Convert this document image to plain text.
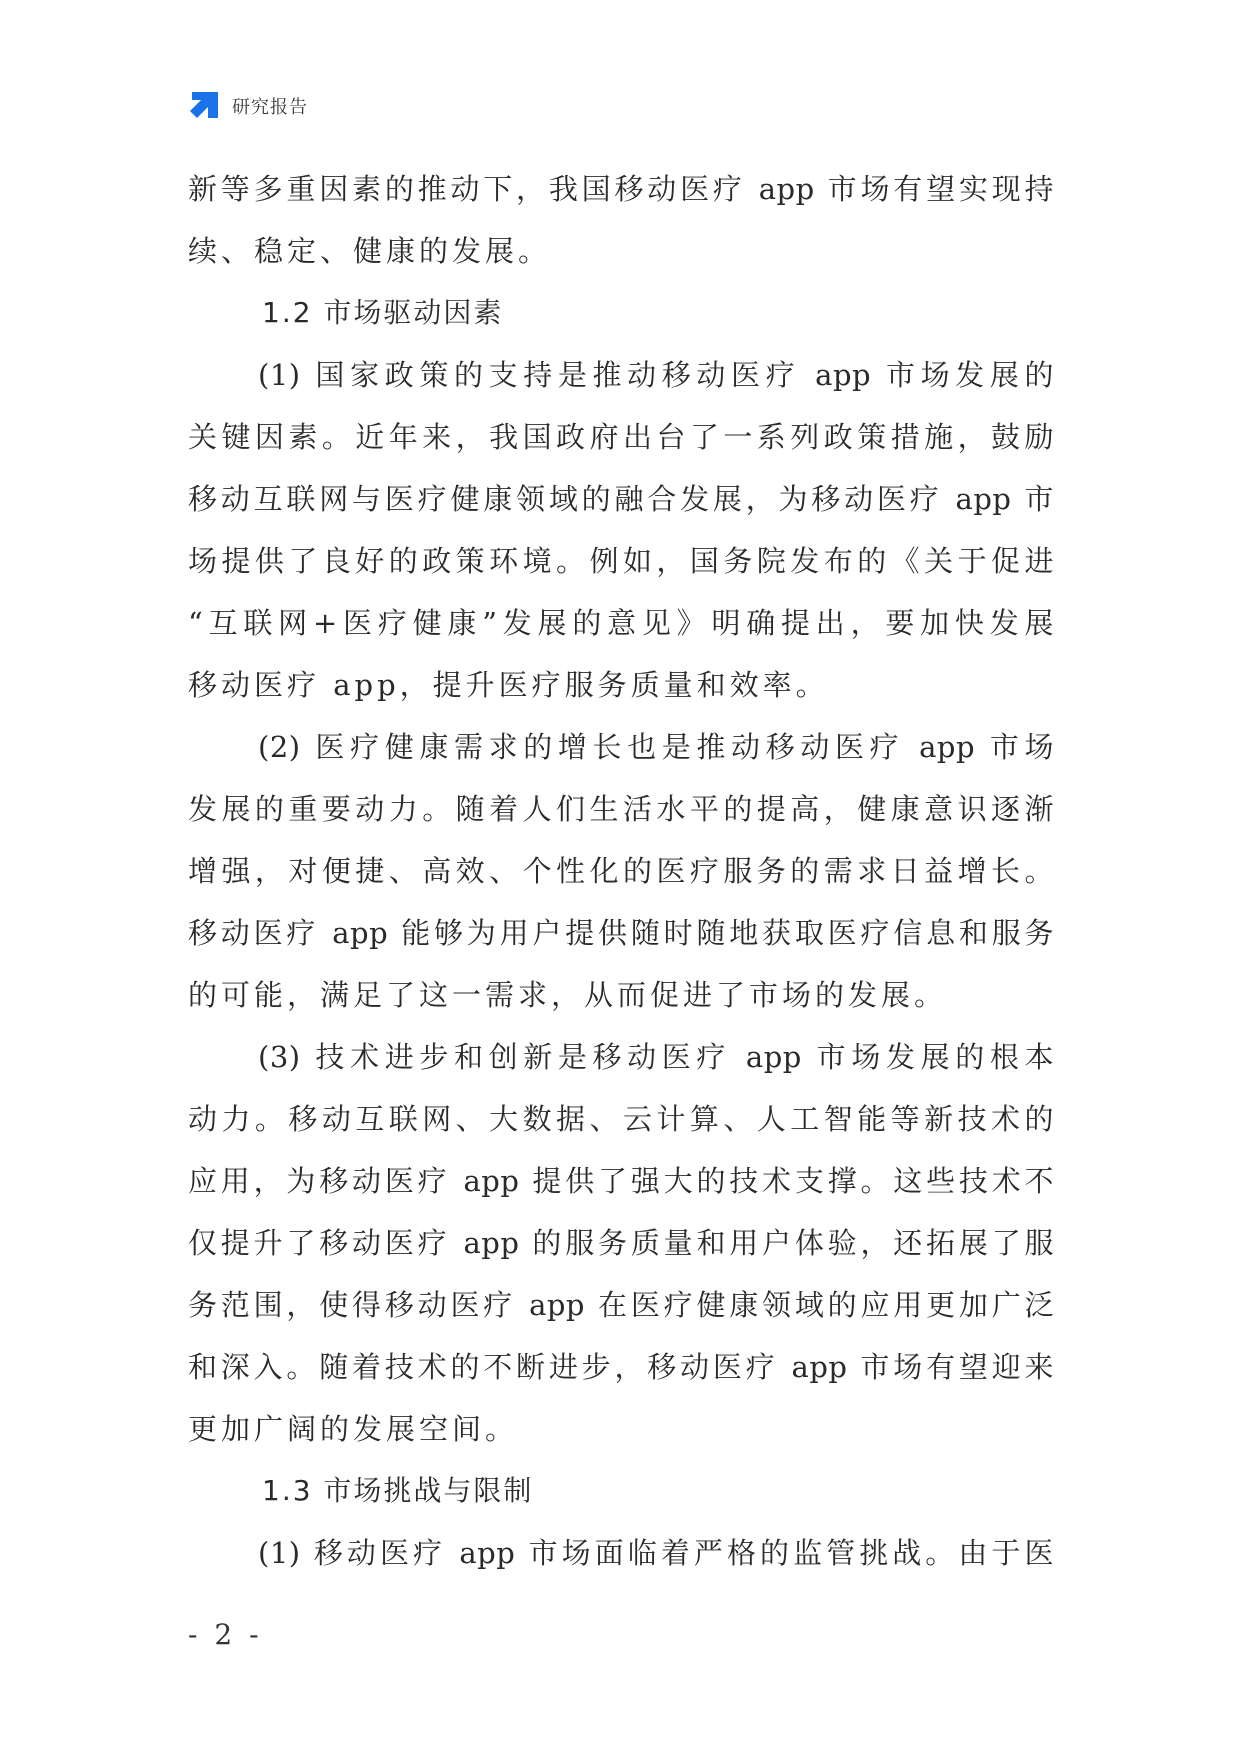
研究报告
新等多重因素的推动下，我国移动医疗 app 市场有望实现持
续、稳定、健康的发展。
1.2 市场驱动因素
(1) 国家政策的支持是推动移动医疗 app 市场发展的
关键因素。近年来，我国政府出台了一系列政策措施，鼓励
移动互联网与医疗健康领域的融合发展，为移动医疗 app 市
场提供了良好的政策环境。例如，国务院发布的《关于促进
“互联网+医疗健康”发展的意见》明确提出，要加快发展
移动医疗 app，提升医疗服务质量和效率。
(2) 医疗健康需求的增长也是推动移动医疗 app 市场
发展的重要动力。随着人们生活水平的提高，健康意识逐渐
增强，对便捷、高效、个性化的医疗服务的需求日益增长。
移动医疗 app 能够为用户提供随时随地获取医疗信息和服务
的可能，满足了这一需求，从而促进了市场的发展。
(3) 技术进步和创新是移动医疗 app 市场发展的根本
动力。移动互联网、大数据、云计算、人工智能等新技术的
应用，为移动医疗 app 提供了强大的技术支撑。这些技术不
仅提升了移动医疗 app 的服务质量和用户体验，还拓展了服
务范围，使得移动医疗 app 在医疗健康领域的应用更加广泛
和深入。随着技术的不断进步，移动医疗 app 市场有望迎来
更加广阔的发展空间。
1.3 市场挑战与限制
(1) 移动医疗 app 市场面临着严格的监管挑战。由于医
- 2 -
